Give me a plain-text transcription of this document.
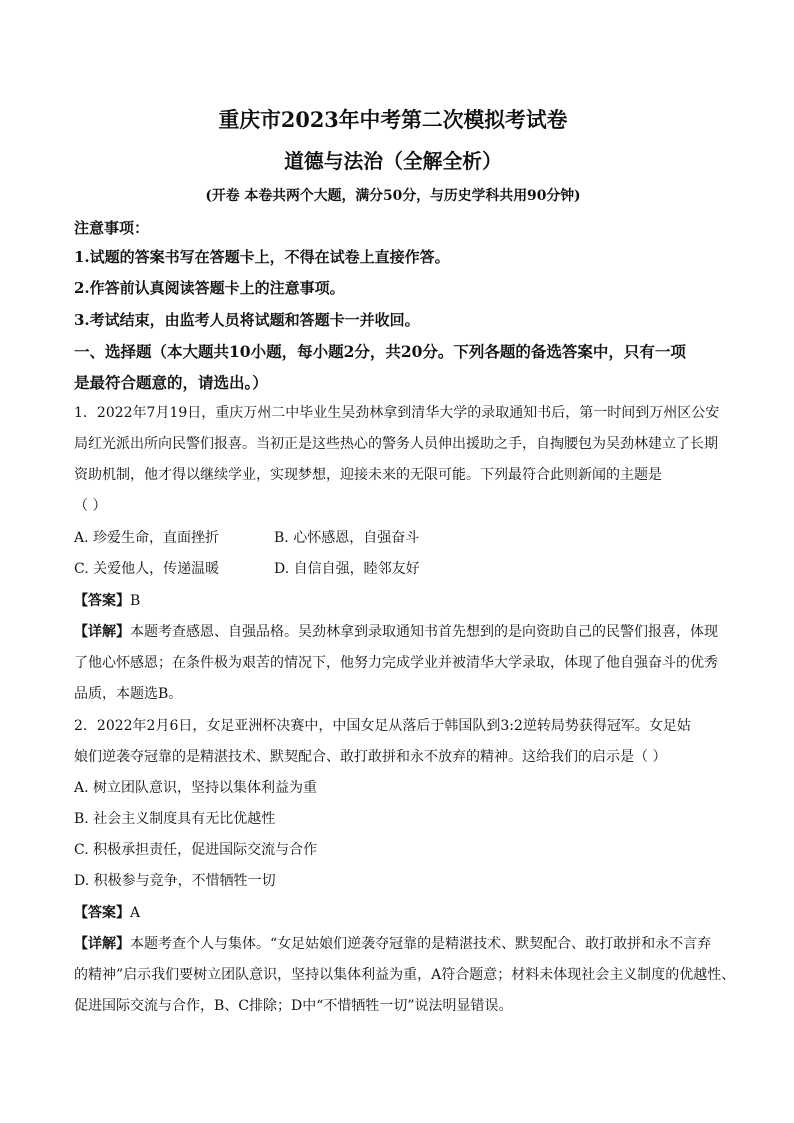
重庆市2023年中考第二次模拟考试卷
道德与法治（全解全析）
(开卷 本卷共两个大题，满分50分，与历史学科共用90分钟)
注意事项：
1.试题的答案书写在答题卡上，不得在试卷上直接作答。
2.作答前认真阅读答题卡上的注意事项。
3.考试结束，由监考人员将试题和答题卡一并收回。
一、选择题（本大题共10小题，每小题2分，共20分。下列各题的备选答案中，只有一项
是最符合题意的，请选出。）
1．2022年7月19日，重庆万州二中毕业生吴劲林拿到清华大学的录取通知书后，第一时间到万州区公安
局红光派出所向民警们报喜。当初正是这些热心的警务人员伸出援助之手，自掏腰包为吴劲林建立了长期
资助机制，他才得以继续学业，实现梦想，迎接未来的无限可能。下列最符合此则新闻的主题是
（ ）
A. 珍爱生命，直面挫折	B. 心怀感恩，自强奋斗
C. 关爱他人，传递温暖	D. 自信自强，睦邻友好
【答案】B
【详解】本题考查感恩、自强品格。吴劲林拿到录取通知书首先想到的是向资助自己的民警们报喜，体现
了他心怀感恩；在条件极为艰苦的情况下，他努力完成学业并被清华大学录取，体现了他自强奋斗的优秀
品质，本题选B。
2．2022年2月6日，女足亚洲杯决赛中，中国女足从落后于韩国队到3:2逆转局势获得冠军。女足姑
娘们逆袭夺冠靠的是精湛技术、默契配合、敢打敢拼和永不放弃的精神。这给我们的启示是（ ）
A. 树立团队意识，坚持以集体利益为重
B. 社会主义制度具有无比优越性
C. 积极承担责任，促进国际交流与合作
D. 积极参与竞争，不惜牺牲一切
【答案】A
【详解】本题考查个人与集体。“女足姑娘们逆袭夺冠靠的是精湛技术、默契配合、敢打敢拼和永不言弃
的精神”启示我们要树立团队意识，坚持以集体利益为重，A符合题意；材料未体现社会主义制度的优越性、
促进国际交流与合作，B、C排除；D中“不惜牺牲一切”说法明显错误。
